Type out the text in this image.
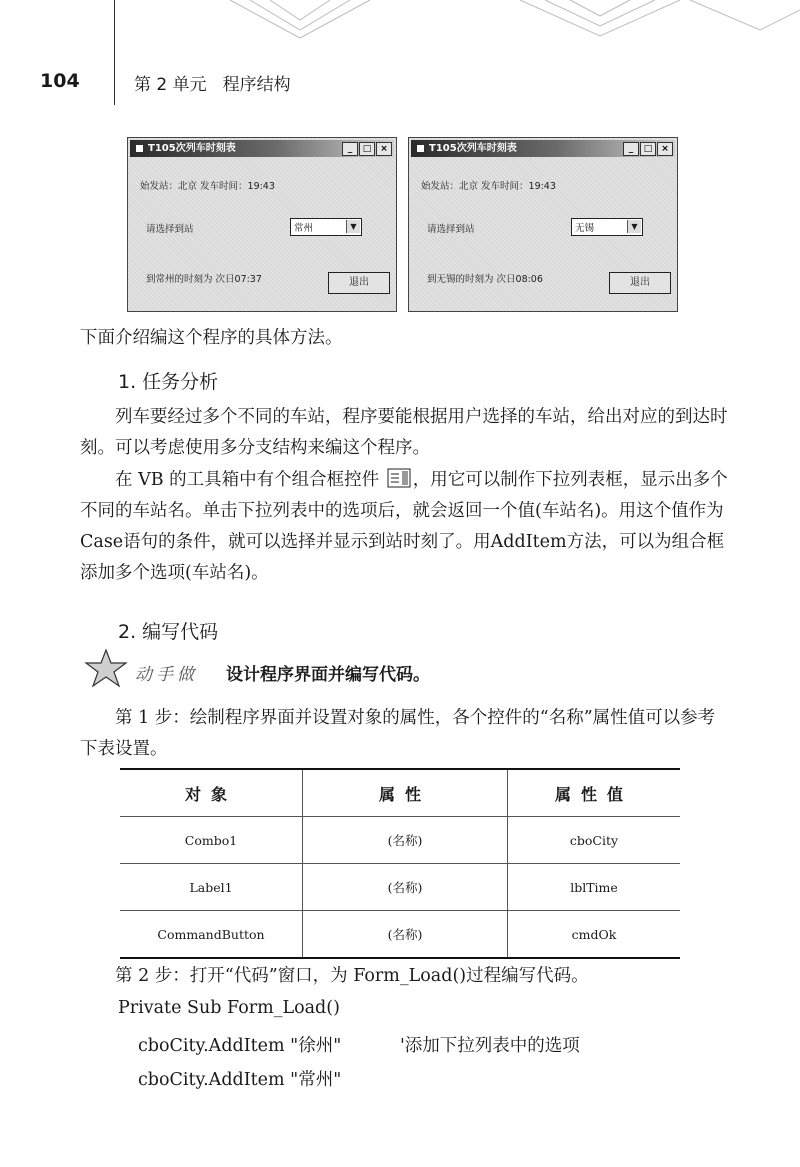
104	第 2 单元 程序结构
T105次列车时刻表	_	□ ×
始发站：北京 发车时间：19:43
请选择到站	常州	▼
到常州的时刻为 次日07:37	退出
T105次列车时刻表	_	□ ×
始发站：北京 发车时间：19:43
请选择到站	无锡	▼
到无锡的时刻为 次日08:06	退出
下面介绍编这个程序的具体方法。
1. 任务分析
列车要经过多个不同的车站，程序要能根据用户选择的车站，给出对应的到达时刻。可以考虑使用多分支结构来编这个程序。
在 VB 的工具箱中有个组合框控件 ，用它可以制作下拉列表框，显示出多个不同的车站名。单击下拉列表中的选项后，就会返回一个值(车站名)。用这个值作为Case语句的条件，就可以选择并显示到站时刻了。用AddItem方法，可以为组合框添加多个选项(车站名)。
2. 编写代码
动手做 设计程序界面并编写代码。
第 1 步：绘制程序界面并设置对象的属性，各个控件的“名称”属性值可以参考下表设置。
对象	属性	属性值
Combo1	(名称)	cboCity
Label1	(名称)	lblTime
CommandButton	(名称)	cmdOk
第 2 步：打开“代码”窗口，为 Form_Load()过程编写代码。
Private Sub Form_Load()
cboCity.AddItem "徐州"	'添加下拉列表中的选项
cboCity.AddItem "常州"
